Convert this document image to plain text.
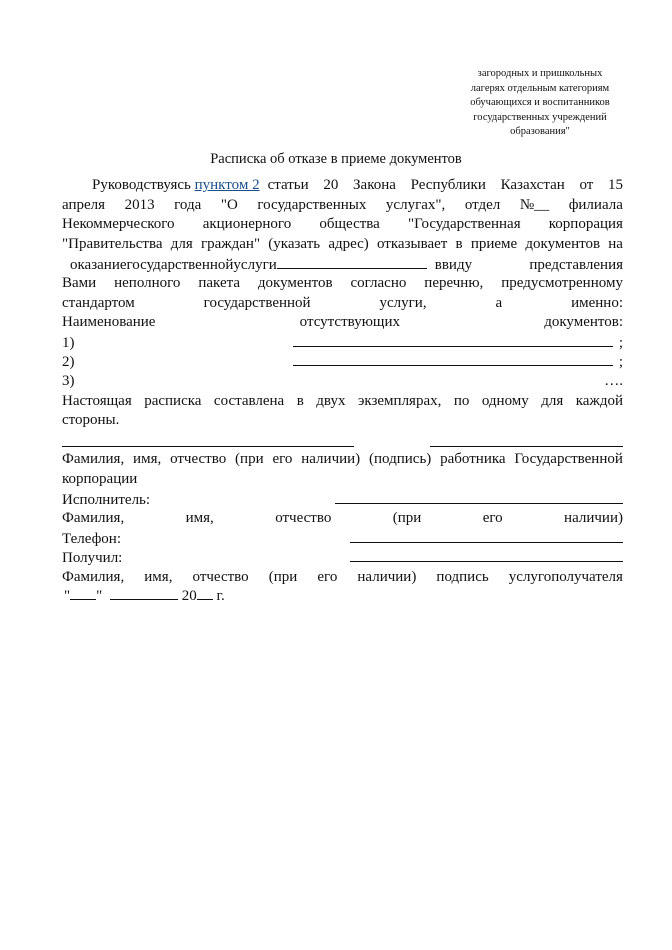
загородных и пришкольных
лагерях отдельным категориям
обучающихся и воспитанников
государственных учреждений
образования"
Расписка об отказе в приеме документов
Руководствуясь пунктом 2 статьи 20 Закона Республики Казахстан от 15
апреля 2013 года "О государственных услугах", отдел №__ филиала
Некоммерческого акционерного общества "Государственная корпорация
"Правительства для граждан" (указать адрес) отказывает в приеме документов на
оказание государственной услуги	ввиду	представления
Вами неполного пакета документов согласно перечню, предусмотренному
стандартом	государственной	услуги,	а	именно:
Наименование	отсутствующих	документов:
1)	;
2)	;
3)	….
Настоящая расписка составлена в двух экземплярах, по одному для каждой
стороны.
Фамилия, имя, отчество (при его наличии) (подпись) работника Государственной
корпорации
Исполнитель:
Фамилия,	имя,	отчество	(при	его	наличии)
Телефон:
Получил:
Фамилия, имя, отчество (при его наличии) подпись услугополучателя
" "	20 г.
